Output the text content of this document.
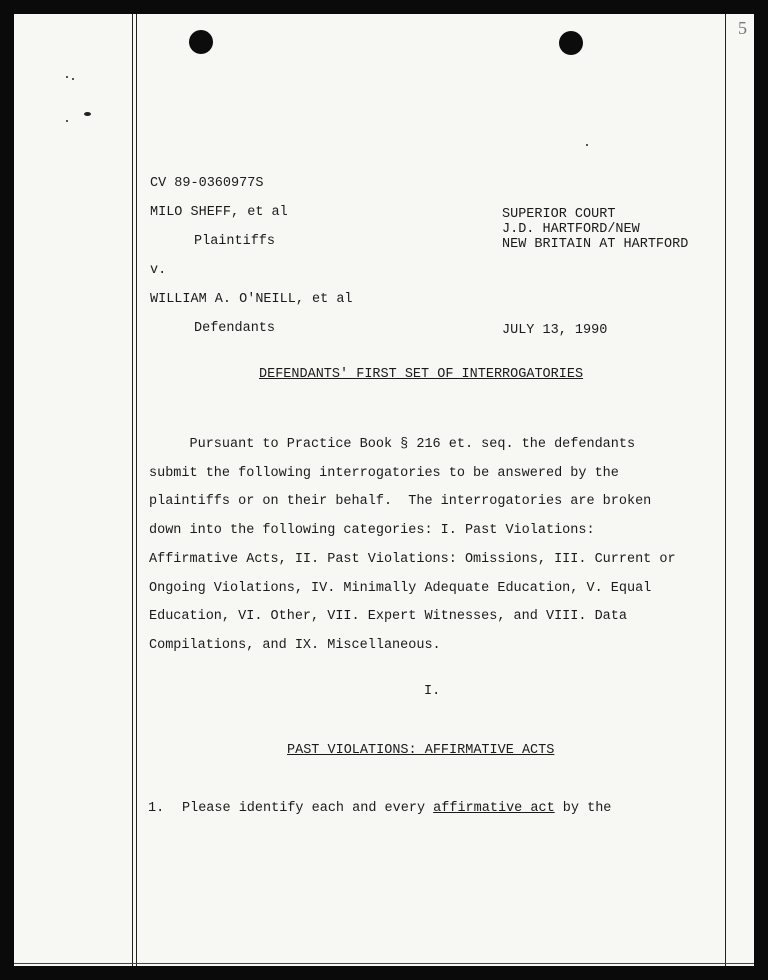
5
CV 89-0360977S
MILO SHEFF, et al
Plaintiffs
v.
WILLIAM A. O'NEILL, et al
Defendants
SUPERIOR COURT
J.D. HARTFORD/NEW
NEW BRITAIN AT HARTFORD
JULY 13, 1990
DEFENDANTS' FIRST SET OF INTERROGATORIES
Pursuant to Practice Book § 216 et. seq. the defendants
submit the following interrogatories to be answered by the
plaintiffs or on their behalf.  The interrogatories are broken
down into the following categories: I. Past Violations:
Affirmative Acts, II. Past Violations: Omissions, III. Current or
Ongoing Violations, IV. Minimally Adequate Education, V. Equal
Education, VI. Other, VII. Expert Witnesses, and VIII. Data
Compilations, and IX. Miscellaneous.
I.
PAST VIOLATIONS: AFFIRMATIVE ACTS
1. Please identify each and every affirmative act by the
